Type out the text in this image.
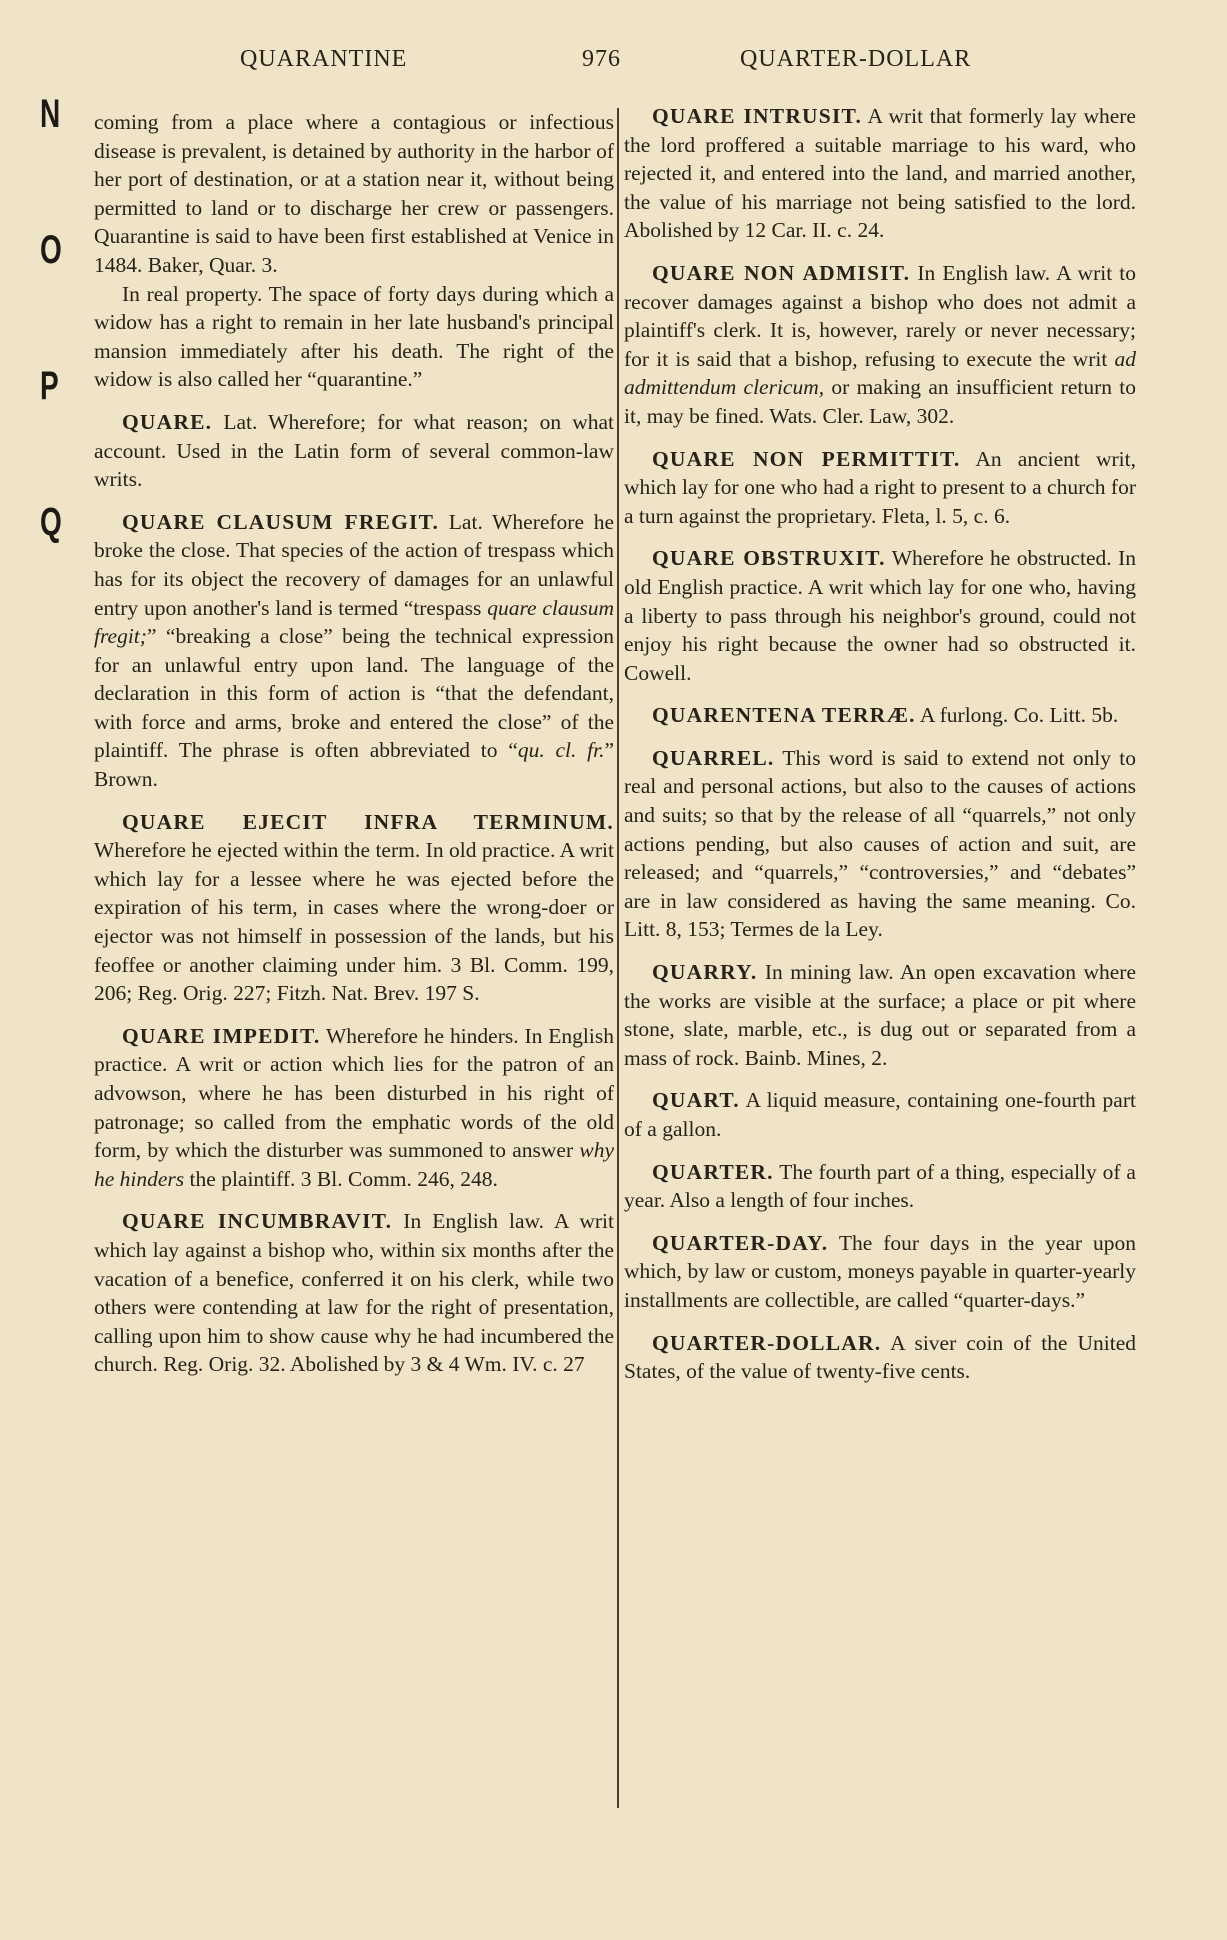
QUARANTINE	976	QUARTER-DOLLAR
N
O
P
Q

coming from a place where a contagious or infectious disease is prevalent, is detained by authority in the harbor of her port of destination, or at a station near it, without being permitted to land or to discharge her crew or passengers. Quarantine is said to have been first established at Venice in 1484. Baker, Quar. 3.

In real property. The space of forty days during which a widow has a right to remain in her late husband's principal mansion immediately after his death. The right of the widow is also called her “quarantine.”

QUARE. Lat. Wherefore; for what reason; on what account. Used in the Latin form of several common-law writs.

QUARE CLAUSUM FREGIT. Lat. Wherefore he broke the close. That species of the action of trespass which has for its object the recovery of damages for an unlawful entry upon another's land is termed “trespass quare clausum fregit;” “breaking a close” being the technical expression for an unlawful entry upon land. The language of the declaration in this form of action is “that the defendant, with force and arms, broke and entered the close” of the plaintiff. The phrase is often abbreviated to “qu. cl. fr.” Brown.

QUARE EJECIT INFRA TERMINUM. Wherefore he ejected within the term. In old practice. A writ which lay for a lessee where he was ejected before the expiration of his term, in cases where the wrong-doer or ejector was not himself in possession of the lands, but his feoffee or another claiming under him. 3 Bl. Comm. 199, 206; Reg. Orig. 227; Fitzh. Nat. Brev. 197 S.

QUARE IMPEDIT. Wherefore he hinders. In English practice. A writ or action which lies for the patron of an advowson, where he has been disturbed in his right of patronage; so called from the emphatic words of the old form, by which the disturber was summoned to answer why he hinders the plaintiff. 3 Bl. Comm. 246, 248.

QUARE INCUMBRAVIT. In English law. A writ which lay against a bishop who, within six months after the vacation of a benefice, conferred it on his clerk, while two others were contending at law for the right of presentation, calling upon him to show cause why he had incumbered the church. Reg. Orig. 32. Abolished by 3 & 4 Wm. IV. c. 27

QUARE INTRUSIT. A writ that formerly lay where the lord proffered a suitable marriage to his ward, who rejected it, and entered into the land, and married another, the value of his marriage not being satisfied to the lord. Abolished by 12 Car. II. c. 24.

QUARE NON ADMISIT. In English law. A writ to recover damages against a bishop who does not admit a plaintiff's clerk. It is, however, rarely or never necessary; for it is said that a bishop, refusing to execute the writ ad admittendum clericum, or making an insufficient return to it, may be fined. Wats. Cler. Law, 302.

QUARE NON PERMITTIT. An ancient writ, which lay for one who had a right to present to a church for a turn against the proprietary. Fleta, l. 5, c. 6.

QUARE OBSTRUXIT. Wherefore he obstructed. In old English practice. A writ which lay for one who, having a liberty to pass through his neighbor's ground, could not enjoy his right because the owner had so obstructed it. Cowell.

QUARENTENA TERRÆ. A furlong. Co. Litt. 5b.

QUARREL. This word is said to extend not only to real and personal actions, but also to the causes of actions and suits; so that by the release of all “quarrels,” not only actions pending, but also causes of action and suit, are released; and “quarrels,” “controversies,” and “debates” are in law considered as having the same meaning. Co. Litt. 8, 153; Termes de la Ley.

QUARRY. In mining law. An open excavation where the works are visible at the surface; a place or pit where stone, slate, marble, etc., is dug out or separated from a mass of rock. Bainb. Mines, 2.

QUART. A liquid measure, containing one-fourth part of a gallon.

QUARTER. The fourth part of a thing, especially of a year. Also a length of four inches.

QUARTER-DAY. The four days in the year upon which, by law or custom, moneys payable in quarter-yearly installments are collectible, are called “quarter-days.”

QUARTER-DOLLAR. A siver coin of the United States, of the value of twenty-five cents.
